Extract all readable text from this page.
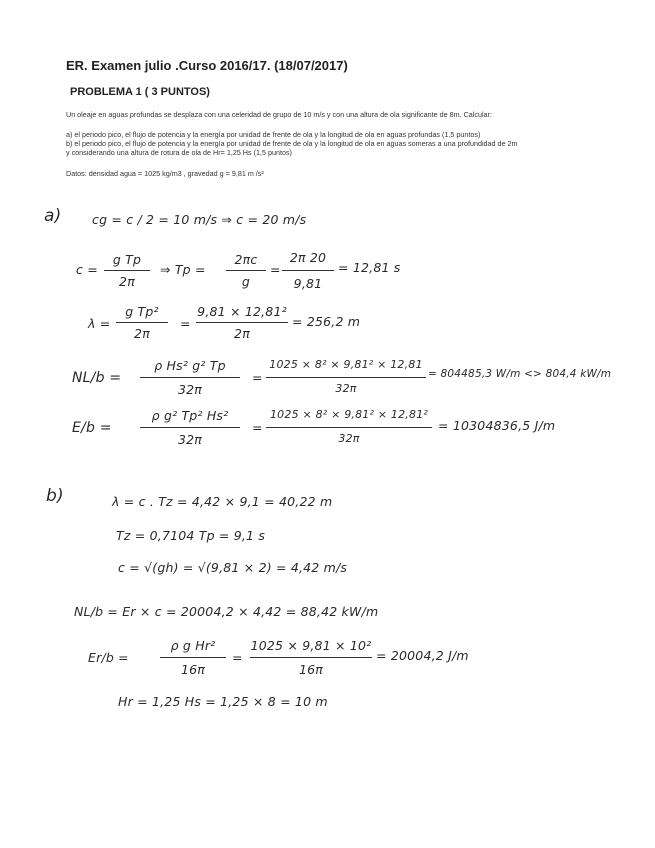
ER. Examen julio .Curso 2016/17. (18/07/2017)
PROBLEMA 1 ( 3 PUNTOS)
Un oleaje en aguas profundas se desplaza con una celeridad de grupo de 10 m/s y con una altura de ola significante de 8m. Calcular:
a) el periodo pico, el flujo de potencia y la energía por unidad de frente de ola y la longitud de ola en aguas profundas (1,5 puntos)
b) el periodo pico, el flujo de potencia y la energía por unidad de frente de ola y la longitud de ola en aguas someras a una profundidad de 2m
y considerando una altura de rotura de ola de Hr= 1,25 Hs (1,5 puntos)
Datos: densidad agua = 1025 kg/m3 , gravedad g = 9,81 m /s²
a) cg = c / 2 = 10 m/s ⇒ c = 20 m/s
c =
g Tp
2π
⇒ Tp =
2πc
g
=
2π 20
9,81
= 12,81 s
λ =
g Tp²
2π
=
9,81 × 12,81²
2π
= 256,2 m
NL/b =
ρ Hs² g² Tp
32π
=
1025 × 8² × 9,81² × 12,81
32π
= 804485,3 W/m <> 804,4 kW/m
E/b =
ρ g² Tp² Hs²
32π
=
1025 × 8² × 9,81² × 12,81²
32π
= 10304836,5 J/m
b)	λ = c . Tz = 4,42 × 9,1 = 40,22 m
Tz = 0,7104 Tp = 9,1 s
c = √(gh) = √(9,81 × 2) = 4,42 m/s
NL/b = Er × c = 20004,2 × 4,42 = 88,42 kW/m
Er/b =
ρ g Hr²
16π
=
1025 × 9,81 × 10²
16π
= 20004,2 J/m
Hr = 1,25 Hs = 1,25 × 8 = 10 m
